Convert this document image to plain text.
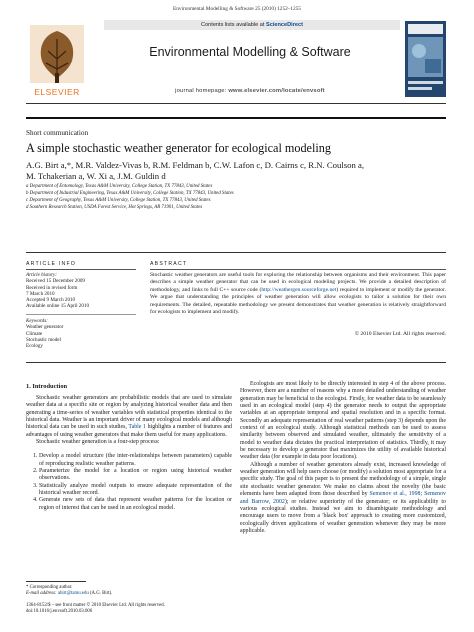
Environmental Modelling & Software 25 (2010) 1252–1255
ELSEVIER
Contents lists available at ScienceDirect
Environmental Modelling & Software
journal homepage: www.elsevier.com/locate/envsoft
Short communication
A simple stochastic weather generator for ecological modeling
A.G. Birt a,*, M.R. Valdez-Vivas b, R.M. Feldman b, C.W. Lafon c, D. Cairns c, R.N. Coulson a,
M. Tchakerian a, W. Xi a, J.M. Guldin d
a Department of Entomology, Texas A&M University, College Station, TX 77843, United States
b Department of Industrial Engineering, Texas A&M University, College Station, TX 77843, United States
c Department of Geography, Texas A&M University, College Station, TX 77843, United States
d Southern Research Station, USDA Forest Service, Hot Springs, AR 71901, United States
ARTICLE INFO
Article history:
Received 15 December 2009
Received in revised form
7 March 2010
Accepted 9 March 2010
Available online 15 April 2010
Keywords:
Weather generator
Climate
Stochastic model
Ecology
ABSTRACT
Stochastic weather generators are useful tools for exploring the relationship between organisms and their environment. This paper describes a simple weather generator that can be used in ecological modeling projects. We provide a detailed description of methodology, and links to full C++ source code (http://weathergen.sourceforge.net) required to implement or modify the generator. We argue that understanding the principles of weather generation will allow ecologists to tailor a solution for their own requirements. The detailed, repeatable methodology we present demonstrates that weather generation is relatively straightforward for ecologists to implement and modify.
© 2010 Elsevier Ltd. All rights reserved.
1. Introduction

Stochastic weather generators are probabilistic models that are used to simulate weather data at a specific site or region by analyzing historical weather data and then generating a time-series of weather variables with statistical properties identical to the historical data. Weather is an important driver of many ecological models and although historical data can be used in such studies, Table 1 highlights a number of features and advantages of using weather generators that make them useful for many applications.

Stochastic weather generation is a four-step process:

1. Develop a model structure (the inter-relationships between parameters) capable of reproducing realistic weather patterns.
2. Parameterize the model for a location or region using historical weather observations.
3. Statistically analyze model outputs to ensure adequate representation of the historical weather record.
4. Generate new sets of data that represent weather patterns for the location or region of interest that can be used in an ecological model.

Ecologists are most likely to be directly interested in step 4 of the above process. However, there are a number of reasons why a more detailed understanding of weather generation may be beneficial to the ecologist. Firstly, for weather data to be seamlessly used in an ecological model (step 4) the generator needs to output the appropriate variables at an appropriate temporal and spatial resolution and in a specific format. Secondly an adequate representation of real weather patterns (step 3) depends upon the context of an ecological study. Although statistical methods can be used to assess similarity between observed and simulated weather, ultimately the sensitivity of a model to weather data dictates the practical interpretation of statistics. Thirdly, it may be necessary to develop a generator that maximizes the utility of available historical weather data (for example in data poor locations).

Although a number of weather generators already exist, increased knowledge of weather generation will help users choose (or modify) a solution most appropriate for a specific study. The goal of this paper is to present the methodology of a simple, single site stochastic weather generator. We make no claims about the novelty (the basic elements have been adapted from those described by Semenov et al., 1998; Semenov and Barrow, 2002); or relative superiority of the generator; or its applicability to various ecological studies. Instead we aim to disambiguate methodology and encourage users to move from a 'black box' approach to creating more customized, ecologically driven applications of weather generation whenever they may be more applicable.

* Corresponding author.
E-mail address: abirt@tamu.edu (A.G. Birt).
1364-8152/$ – see front matter © 2010 Elsevier Ltd. All rights reserved.
doi:10.1016/j.envsoft.2010.03.006
